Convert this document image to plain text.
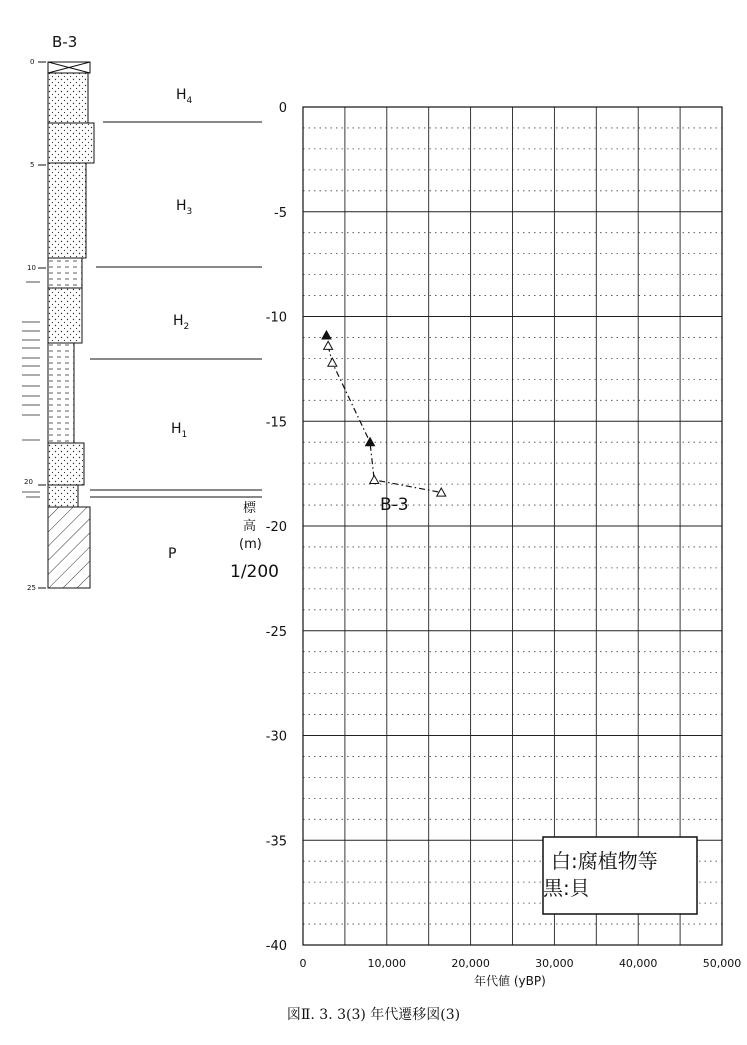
B-3
0
5
10
20
25
$H_4$
$H_3$
$H_2$
$H_1$
P
1/200
0	10,000	20,000	30,000	40,000	50,000
0
-5
-10
-15
-20
-25
-30
-35
-40
年代値 (yBP)
標
高
(m)
B-3
白:腐植物等
黒:貝
図Ⅱ. 3. 3(3) 年代遷移図(3)
